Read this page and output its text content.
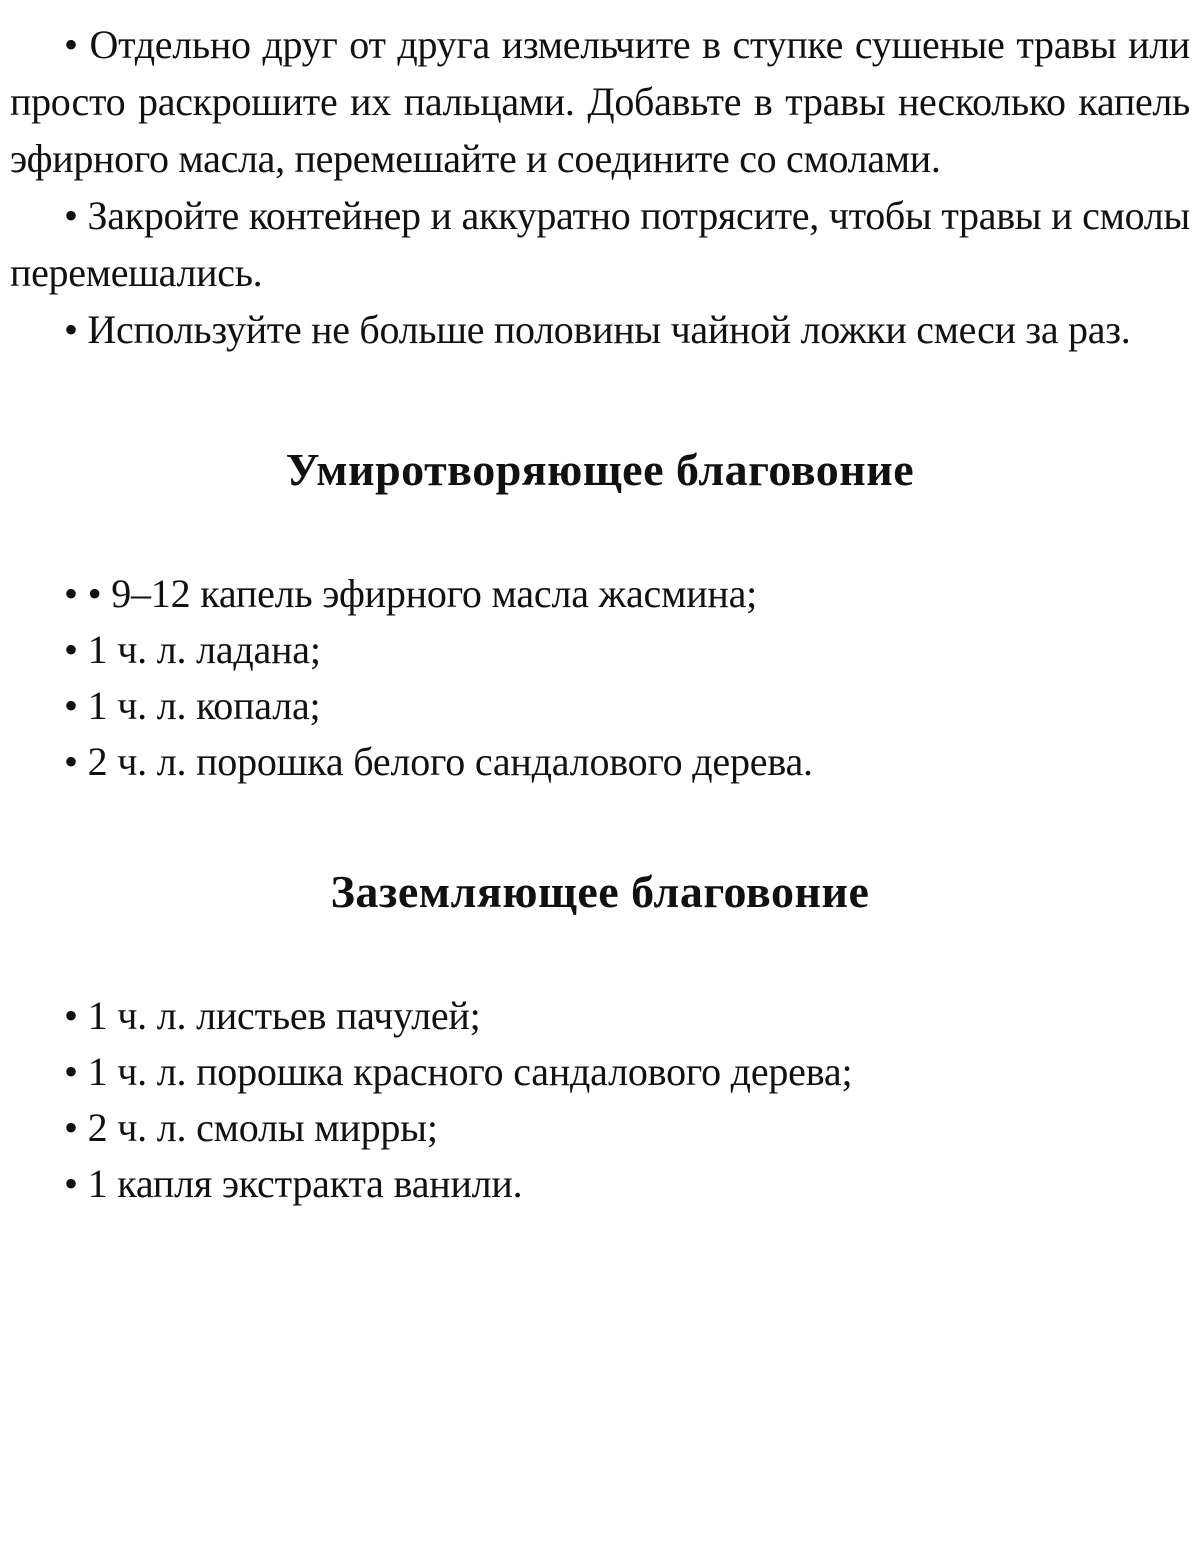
• Отдельно друг от друга измельчите в ступке сушеные травы или просто раскрошите их пальцами. Добавьте в травы несколько капель эфирного масла, перемешайте и соедините со смолами.

• Закройте контейнер и аккуратно потрясите, чтобы травы и смолы перемешались.

• Используйте не больше половины чайной ложки смеси за раз.

Умиротворяющее благовоние
• • 9–12 капель эфирного масла жасмина;
• 1 ч. л. ладана;
• 1 ч. л. копала;
• 2 ч. л. порошка белого сандалового дерева.
Заземляющее благовоние
• 1 ч. л. листьев пачулей;
• 1 ч. л. порошка красного сандалового дерева;
• 2 ч. л. смолы мирры;
• 1 капля экстракта ванили.
